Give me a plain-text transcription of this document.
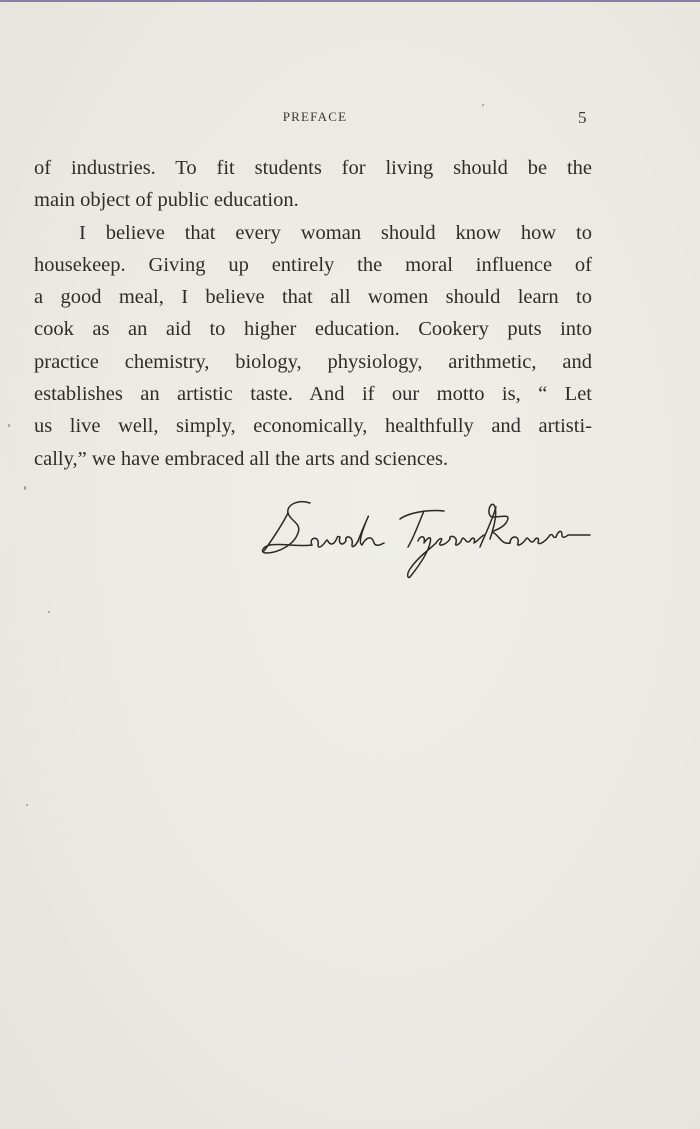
PREFACE	5
of industries. To fit students for living should be the
main object of public education.
I believe that every woman should know how to
housekeep. Giving up entirely the moral influence of
a good meal, I believe that all women should learn to
cook as an aid to higher education. Cookery puts into
practice chemistry, biology, physiology, arithmetic, and
establishes an artistic taste. And if our motto is, “ Let
us live well, simply, economically, healthfully and artisti-
cally,” we have embraced all the arts and sciences.
